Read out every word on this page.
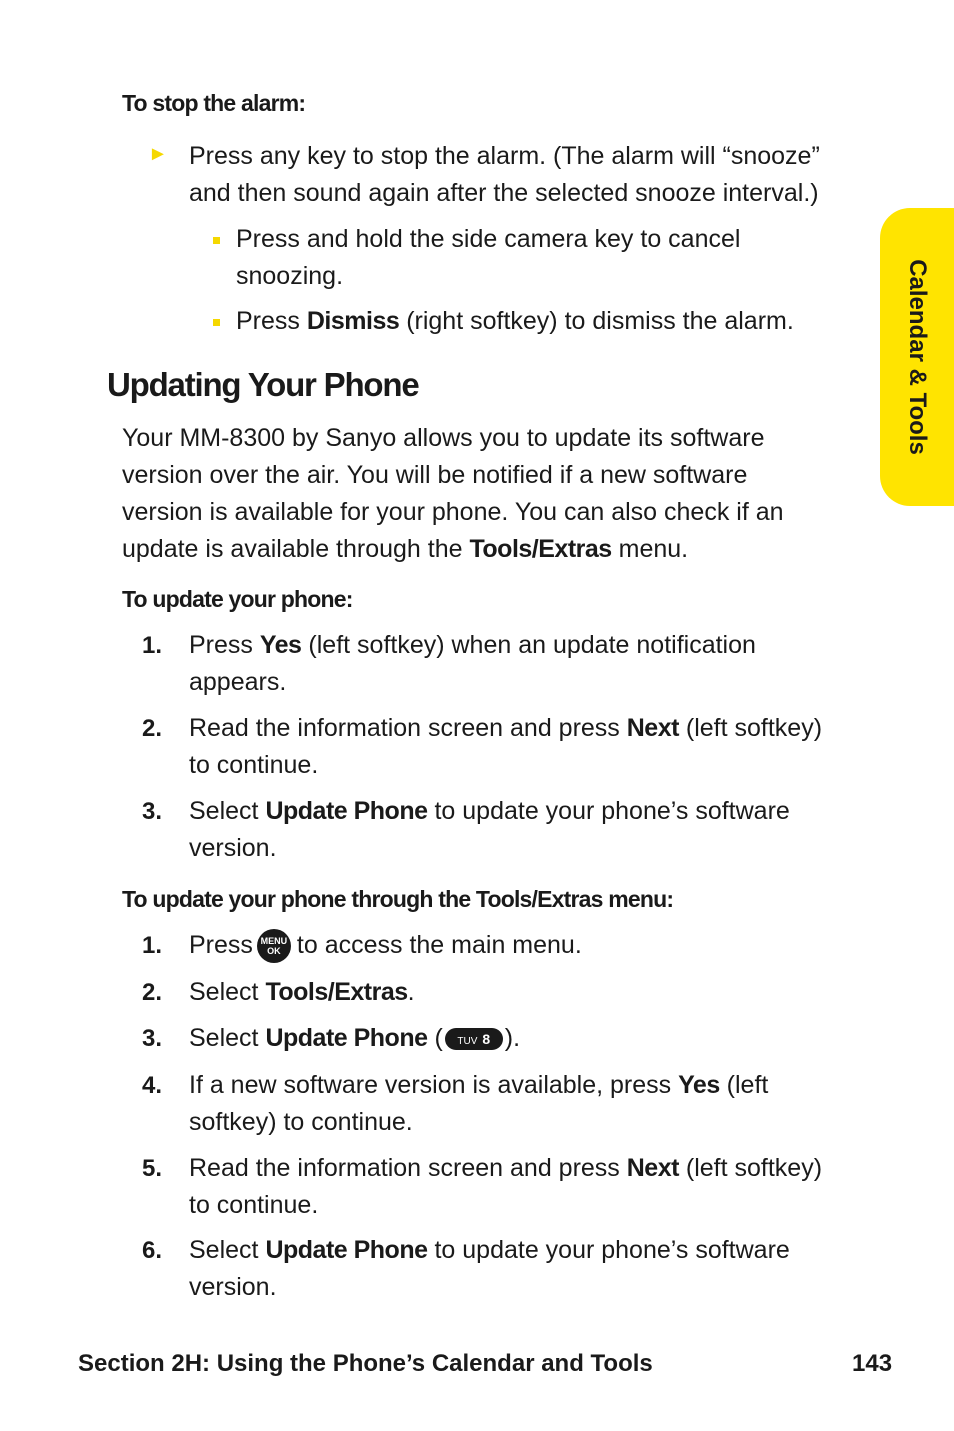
Calendar & Tools
To stop the alarm:
► Press any key to stop the alarm. (The alarm will “snooze”
and then sound again after the selected snooze interval.)
Press and hold the side camera key to cancel
snoozing.
Press Dismiss (right softkey) to dismiss the alarm.
Updating Your Phone
Your MM-8300 by Sanyo allows you to update its software
version over the air. You will be notified if a new software
version is available for your phone. You can also check if an
update is available through the Tools/Extras menu.
To update your phone:
1.	Press Yes (left softkey) when an update notification
appears.
2.	Read the information screen and press Next (left softkey)
to continue.
3.	Select Update Phone to update your phone’s software
version.
To update your phone through the Tools/Extras menu:
1.	Press MENU
OK to access the main menu.
2.	Select Tools/Extras.
3.	Select Update Phone ( TUV 8 ).
4.	If a new software version is available, press Yes (left
softkey) to continue.
5.	Read the information screen and press Next (left softkey)
to continue.
6.	Select Update Phone to update your phone’s software
version.
Section 2H: Using the Phone’s Calendar and Tools	143
